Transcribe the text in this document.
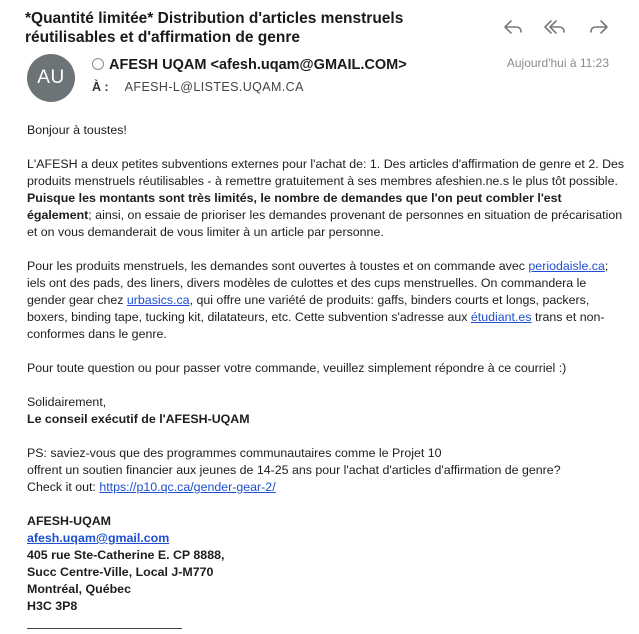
*Quantité limitée* Distribution d'articles menstruels réutilisables et d'affirmation de genre
AU
AFESH UQAM <afesh.uqam@GMAIL.COM>	Aujourd'hui à 11:23
À : AFESH-L@LISTES.UQAM.CA

Bonjour à toustes!

L'AFESH a deux petites subventions externes pour l'achat de: 1. Des articles d'affirmation de genre et 2. Des produits menstruels réutilisables - à remettre gratuitement à ses membres afeshien.ne.s le plus tôt possible. Puisque les montants sont très limités, le nombre de demandes que l'on peut combler l'est également; ainsi, on essaie de prioriser les demandes provenant de personnes en situation de précarisation et on vous demanderait de vous limiter à un article par personne.

Pour les produits menstruels, les demandes sont ouvertes à toustes et on commande avec periodaisle.ca; iels ont des pads, des liners, divers modèles de culottes et des cups menstruelles. On commandera le gender gear chez urbasics.ca, qui offre une variété de produits: gaffs, binders courts et longs, packers, boxers, binding tape, tucking kit, dilatateurs, etc. Cette subvention s'adresse aux étudiant.es trans et non-conformes dans le genre.

Pour toute question ou pour passer votre commande, veuillez simplement répondre à ce courriel :)

Solidairement,
Le conseil exécutif de l'AFESH-UQAM

PS: saviez-vous que des programmes communautaires comme le Projet 10
offrent un soutien financier aux jeunes de 14-25 ans pour l'achat d'articles d'affirmation de genre?
Check it out: https://p10.qc.ca/gender-gear-2/

AFESH-UQAM

afesh.uqam@gmail.com

405 rue Ste-Catherine E. CP 8888,

Succ Centre-Ville, Local J-M770

Montréal, Québec

H3C 3P8
